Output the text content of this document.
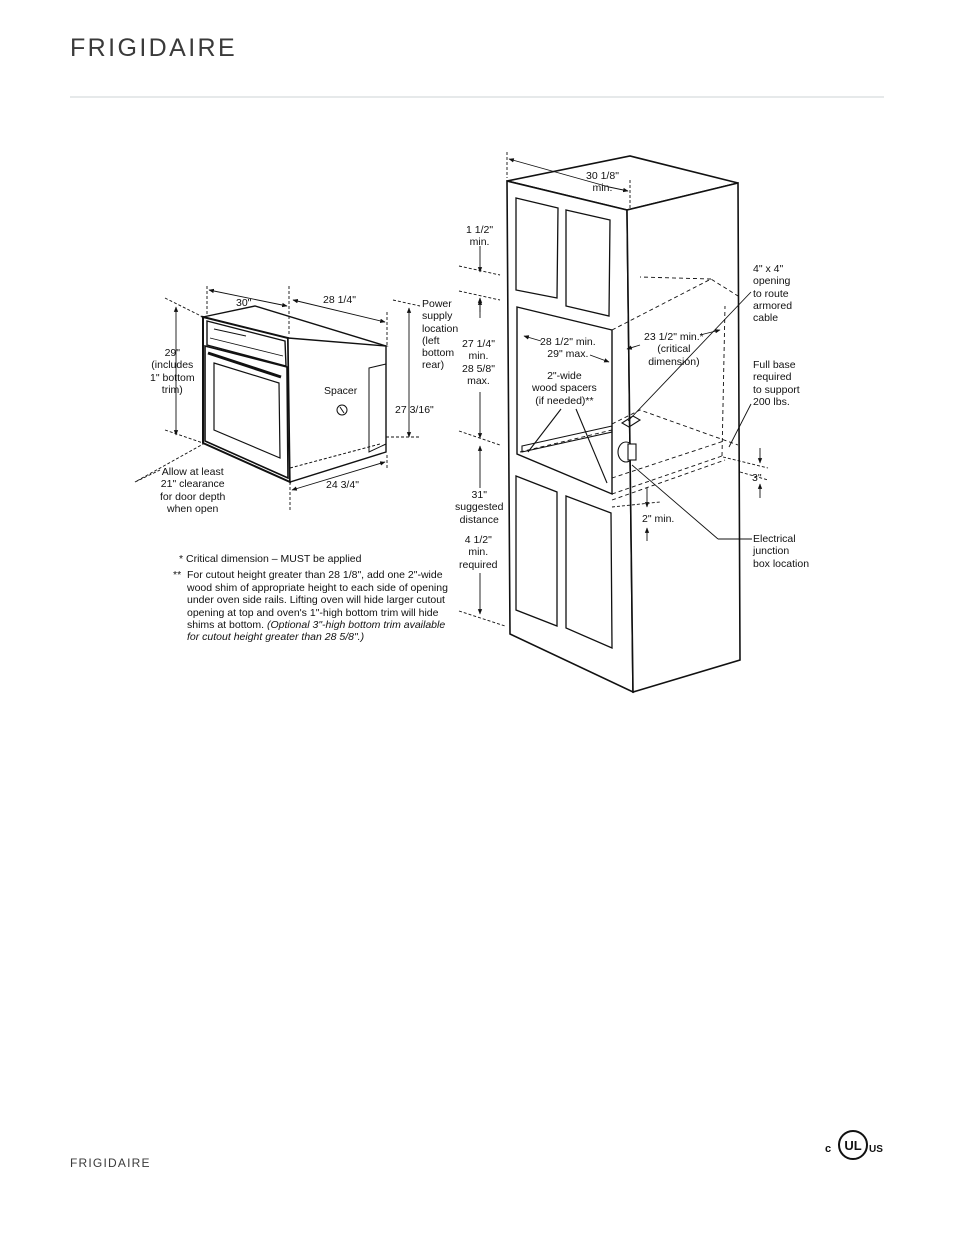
FRIGIDAIRE
30"	28 1/4"
29"
(includes
1" bottom
trim)
Power
supply
location
(left
bottom
rear)
Spacer
27 3/16"
24 3/4"
Allow at least
21" clearance
for door depth
when open
30 1/8"
min.
1 1/2"
min.
27 1/4"
min.
28 5/8"
max.
28 1/2" min.
29" max.
2"-wide
wood spacers
(if needed)**
23 1/2" min.*
(critical
dimension)
4" x 4"
opening
to route
armored
cable
Full base
required
to support
200 lbs.
3"
2" min.
31"
suggested
distance
4 1/2"
min.
required
Electrical
junction
box location
* Critical dimension – MUST be applied
** For cutout height greater than 28 1/8", add one 2"-wide wood shim of appropriate height to each side of opening under oven side rails. Lifting oven will hide larger cutout opening at top and oven's 1"-high bottom trim will hide shims at bottom. (Optional 3"-high bottom trim available for cutout height greater than 28 5/8".)
FRIGIDAIRE
UL
c	US
